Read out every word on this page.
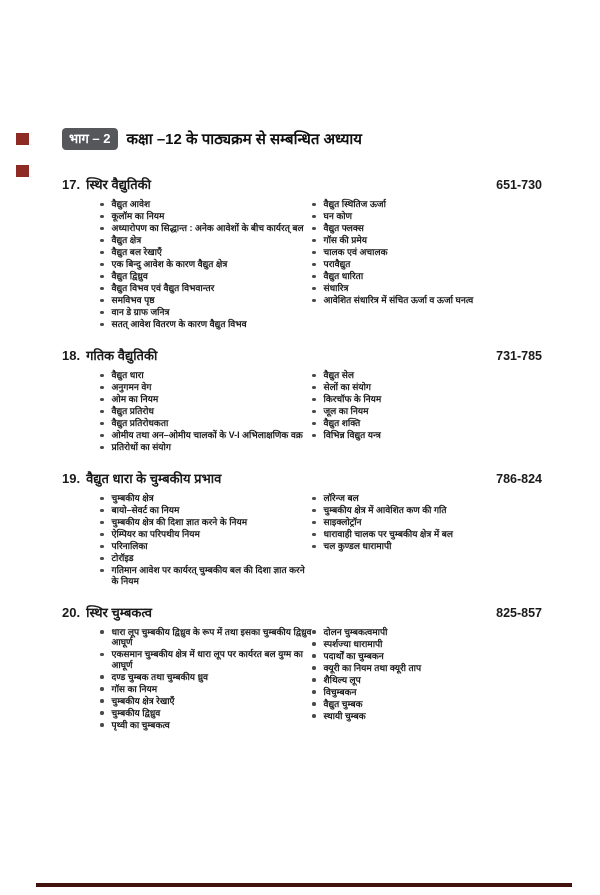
भाग – 2	कक्षा –12 के पाठ्यक्रम से सम्बन्धित अध्याय
17. स्थिर वैद्युतिकी	651-730
वैद्युत आवेश
कूलॉम का नियम
अध्यारोपण का सिद्धान्त : अनेक आवेशों के बीच कार्यरत् बल
वैद्युत क्षेत्र
वैद्युत बल रेखाएँ
एक बिन्दु आवेश के कारण वैद्युत क्षेत्र
वैद्युत द्विध्रुव
वैद्युत विभव एवं वैद्युत विभवान्तर
समविभव पृष्ठ
वान डे ग्राफ जनित्र
सतत् आवेश वितरण के कारण वैद्युत विभव
वैद्युत स्थितिज ऊर्जा
घन कोण
वैद्युत फ्लक्स
गॉस की प्रमेय
चालक एवं अचालक
परावैद्युत
वैद्युत धारिता
संधारित्र
आवेशित संधारित्र में संचित ऊर्जा व ऊर्जा घनत्व
18. गतिक वैद्युतिकी	731-785
वैद्युत धारा
अनुगमन वेग
ओम का नियम
वैद्युत प्रतिरोध
वैद्युत प्रतिरोधकता
ओमीय तथा अन–ओमीय चालकों के V-I अभिलाक्षणिक वक्र
प्रतिरोधों का संयोग
वैद्युत सेल
सेलों का संयोग
किरचॉफ के नियम
जूल का नियम
वैद्युत शक्ति
विभिन्न विद्युत यन्त्र
19. वैद्युत धारा के चुम्बकीय प्रभाव	786-824
चुम्बकीय क्षेत्र
बायो–सेवर्ट का नियम
चुम्बकीय क्षेत्र की दिशा ज्ञात करने के नियम
ऐम्पियर का परिपथीय नियम
परिनालिका
टोरॉइड
गतिमान आवेश पर कार्यरत् चुम्बकीय बल की दिशा ज्ञात करने के नियम
लॉरेन्ज बल
चुम्बकीय क्षेत्र में आवेशित कण की गति
साइक्लोट्रॉन
धारावाही चालक पर चुम्बकीय क्षेत्र में बल
चल कुण्डल धारामापी
20. स्थिर चुम्बकत्व	825-857
धारा लूप चुम्बकीय द्विध्रुव के रूप में तथा इसका चुम्बकीय द्विध्रुव आघूर्ण
एकसमान चुम्बकीय क्षेत्र में धारा लूप पर कार्यरत बल युग्म का आघूर्ण
दण्ड चुम्बक तथा चुम्बकीय ध्रुव
गॉस का नियम
चुम्बकीय क्षेत्र रेखाएँ
चुम्बकीय द्विध्रुव
पृथ्वी का चुम्बकत्व
दोलन चुम्बकत्वमापी
स्पर्शज्या धारामापी
पदार्थों का चुम्बकन
क्यूरी का नियम तथा क्यूरी ताप
शैथिल्य लूप
विचुम्बकन
वैद्युत चुम्बक
स्थायी चुम्बक
